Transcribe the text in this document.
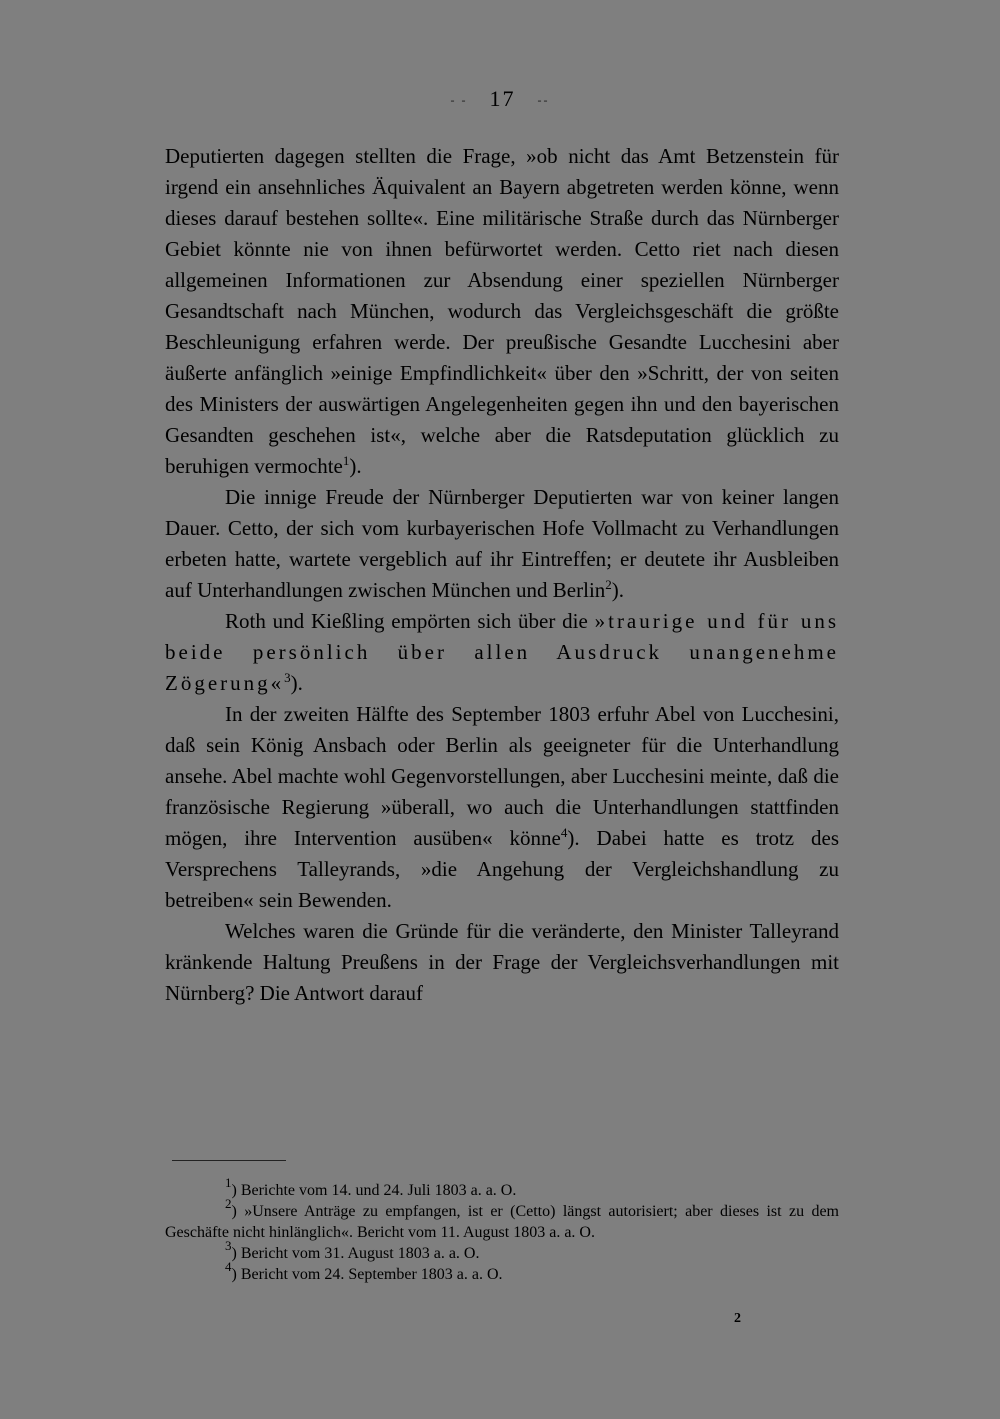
- - 17 --

Deputierten dagegen stellten die Frage, »ob nicht das Amt Betzenstein für irgend ein ansehnliches Äquivalent an Bayern abgetreten werden könne, wenn dieses darauf bestehen sollte«. Eine militärische Straße durch das Nürnberger Gebiet könnte nie von ihnen befürwortet werden. Cetto riet nach diesen allgemeinen Informationen zur Absendung einer speziellen Nürnberger Gesandtschaft nach München, wodurch das Vergleichsgeschäft die größte Beschleunigung erfahren werde. Der preußische Gesandte Lucchesini aber äußerte anfänglich »einige Empfindlichkeit« über den »Schritt, der von seiten des Ministers der auswärtigen Angelegenheiten gegen ihn und den bayerischen Gesandten geschehen ist«, welche aber die Ratsdeputation glücklich zu beruhigen vermochte$^1$).

Die innige Freude der Nürnberger Deputierten war von keiner langen Dauer. Cetto, der sich vom kurbayerischen Hofe Vollmacht zu Verhandlungen erbeten hatte, wartete vergeblich auf ihr Eintreffen; er deutete ihr Ausbleiben auf Unterhandlungen zwischen München und Berlin$^2$).

Roth und Kießling empörten sich über die »traurige und für uns beide persönlich über allen Ausdruck unangenehme Zögerung«$^3$).

In der zweiten Hälfte des September 1803 erfuhr Abel von Lucchesini, daß sein König Ansbach oder Berlin als geeigneter für die Unterhandlung ansehe. Abel machte wohl Gegenvorstellungen, aber Lucchesini meinte, daß die französische Regierung »überall, wo auch die Unterhandlungen stattfinden mögen, ihre Intervention ausüben« könne$^4$). Dabei hatte es trotz des Versprechens Talleyrands, »die Angehung der Vergleichshandlung zu betreiben« sein Bewenden.

Welches waren die Gründe für die veränderte, den Minister Talleyrand kränkende Haltung Preußens in der Frage der Vergleichsverhandlungen mit Nürnberg? Die Antwort darauf

$^1$) Berichte vom 14. und 24. Juli 1803 a. a. O.

$^2$) »Unsere Anträge zu empfangen, ist er (Cetto) längst autorisiert; aber dieses ist zu dem Geschäfte nicht hinlänglich«. Bericht vom 11. August 1803 a. a. O.

$^3$) Bericht vom 31. August 1803 a. a. O.

$^4$) Bericht vom 24. September 1803 a. a. O.

2
